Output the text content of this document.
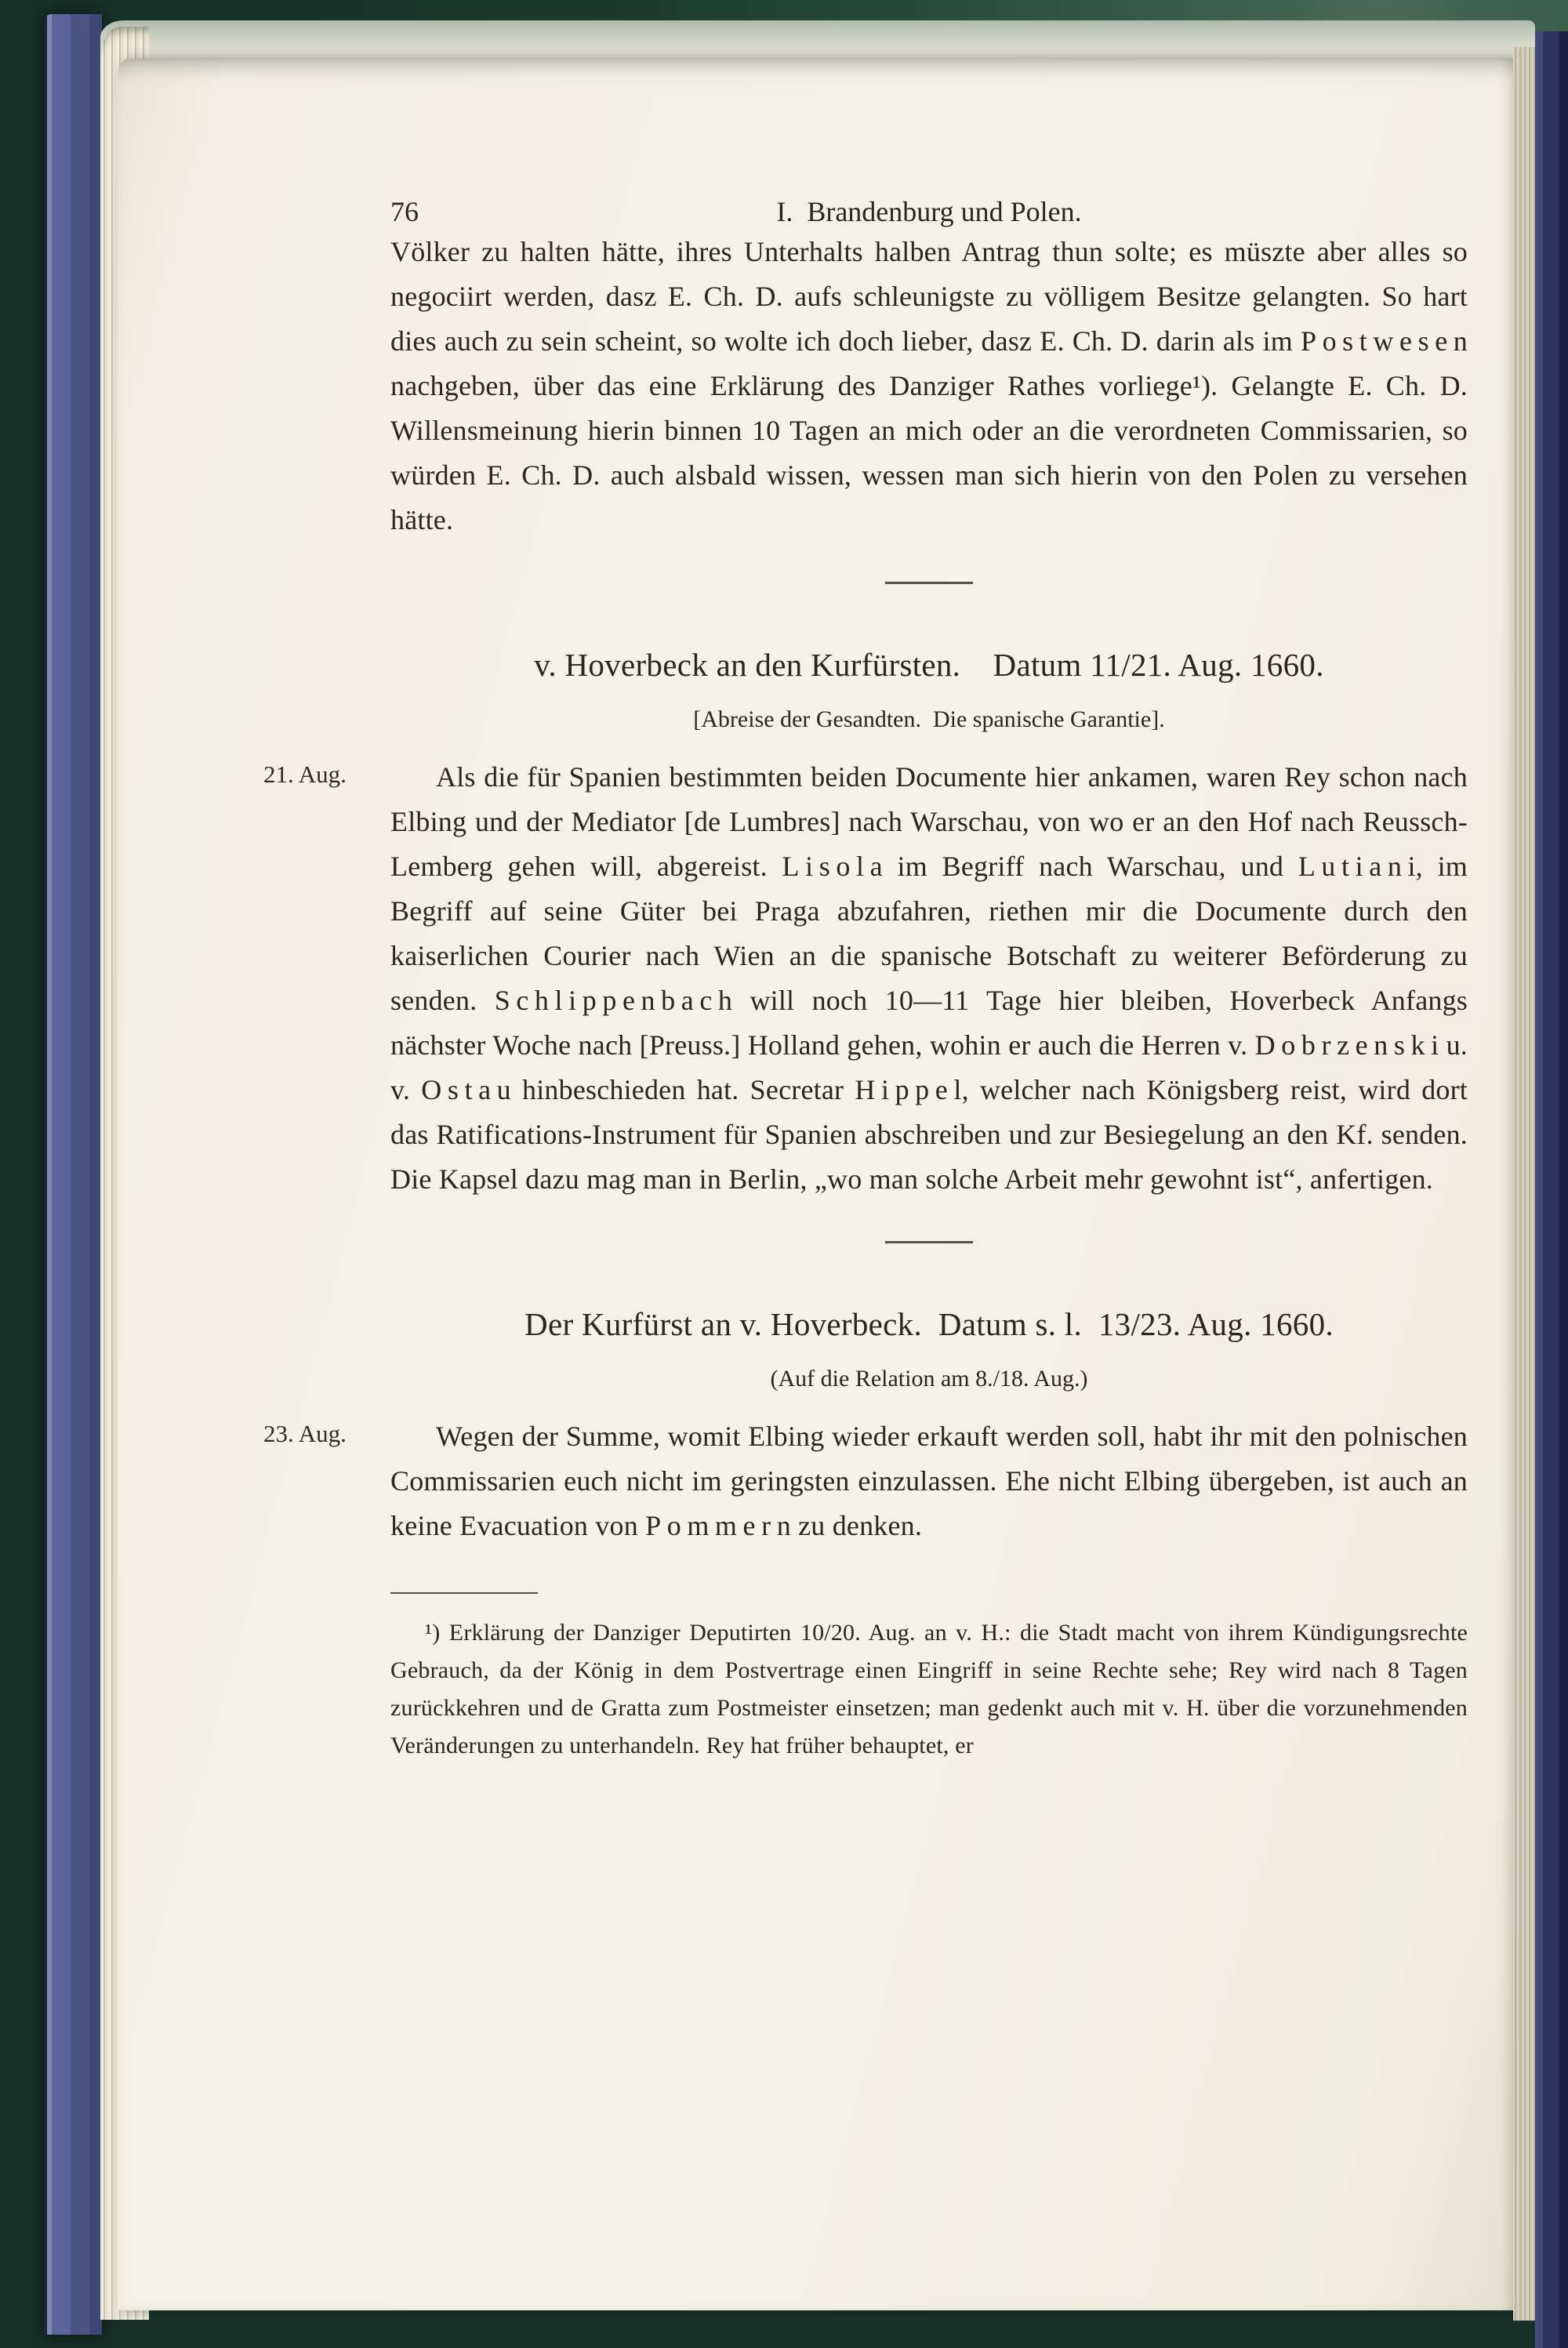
76	I. Brandenburg und Polen.

Völker zu halten hätte, ihres Unterhalts halben Antrag thun solte; es müszte aber alles so negociirt werden, dasz E. Ch. D. aufs schleunigste zu völligem Besitze gelangten. So hart dies auch zu sein scheint, so wolte ich doch lieber, dasz E. Ch. D. darin als im P o s t w e s e n nachgeben, über das eine Erklärung des Danziger Rathes vorliege¹). Gelangte E. Ch. D. Willensmeinung hierin binnen 10 Tagen an mich oder an die verordneten Commissarien, so würden E. Ch. D. auch alsbald wissen, wessen man sich hierin von den Polen zu versehen hätte.

v. Hoverbeck an den Kurfürsten. Datum 11/21. Aug. 1660.
[Abreise der Gesandten. Die spanische Garantie].
21. Aug.	Als die für Spanien bestimmten beiden Documente hier ankamen, waren Rey schon nach Elbing und der Mediator [de Lumbres] nach Warschau, von wo er an den Hof nach Reussch-Lemberg gehen will, abgereist. L i s o l a im Begriff nach Warschau, und L u t i a n i, im Begriff auf seine Güter bei Praga abzufahren, riethen mir die Documente durch den kaiserlichen Courier nach Wien an die spanische Botschaft zu weiterer Beförderung zu senden. S c h l i p p e n b a c h will noch 10—11 Tage hier bleiben, Hoverbeck Anfangs nächster Woche nach [Preuss.] Holland gehen, wohin er auch die Herren v. D o b r z e n s k i u. v. O s t a u hinbeschieden hat. Secretar H i p p e l, welcher nach Königsberg reist, wird dort das Ratifications-Instrument für Spanien abschreiben und zur Besiegelung an den Kf. senden. Die Kapsel dazu mag man in Berlin, „wo man solche Arbeit mehr gewohnt ist“, anfertigen.

Der Kurfürst an v. Hoverbeck. Datum s. l. 13/23. Aug. 1660.
(Auf die Relation am 8./18. Aug.)
23. Aug.	Wegen der Summe, womit Elbing wieder erkauft werden soll, habt ihr mit den polnischen Commissarien euch nicht im geringsten einzulassen. Ehe nicht Elbing übergeben, ist auch an keine Evacuation von P o m m e r n zu denken.

¹) Erklärung der Danziger Deputirten 10/20. Aug. an v. H.: die Stadt macht von ihrem Kündigungsrechte Gebrauch, da der König in dem Postvertrage einen Eingriff in seine Rechte sehe; Rey wird nach 8 Tagen zurückkehren und de Gratta zum Postmeister einsetzen; man gedenkt auch mit v. H. über die vorzunehmenden Veränderungen zu unterhandeln. Rey hat früher behauptet, er
